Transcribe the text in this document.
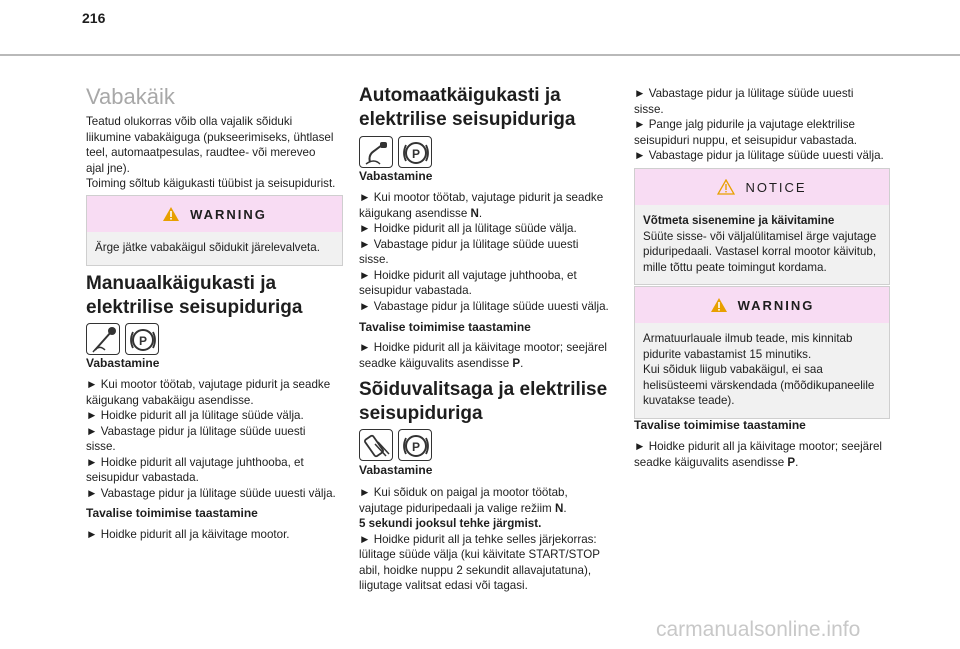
216
Vabakäik

Teatud olukorras võib olla vajalik sõiduki

liikumine vabakäiguga (pukseerimiseks, ühtlasel

teel, automaatpesulas, raudtee- või mereveo

ajal jne).

Toiming sõltub käigukasti tüübist ja seisupidurist.

WARNING
Ärge jätke vabakäigul sõidukit järelevalveta.

Manuaalkäigukasti ja

elektrilise seisupiduriga

P

Vabastamine

► Kui mootor töötab, vajutage pidurit ja seadke

käigukang vabakäigu asendisse.

► Hoidke pidurit all ja lülitage süüde välja.

► Vabastage pidur ja lülitage süüde uuesti

sisse.

► Hoidke pidurit all vajutage juhthooba, et

seisupidur vabastada.

► Vabastage pidur ja lülitage süüde uuesti välja.

Tavalise toimimise taastamine

► Hoidke pidurit all ja käivitage mootor.

Automaatkäigukasti ja

elektrilise seisupiduriga

P

Vabastamine

► Kui mootor töötab, vajutage pidurit ja seadke

käigukang asendisse N.

► Hoidke pidurit all ja lülitage süüde välja.

► Vabastage pidur ja lülitage süüde uuesti

sisse.

► Hoidke pidurit all vajutage juhthooba, et

seisupidur vabastada.

► Vabastage pidur ja lülitage süüde uuesti välja.

Tavalise toimimise taastamine

► Hoidke pidurit all ja käivitage mootor; seejärel

seadke käiguvalits asendisse P.

Sõiduvalitsaga ja elektrilise

seisupiduriga

P

Vabastamine

► Kui sõiduk on paigal ja mootor töötab,

vajutage piduripedaali ja valige režiim N.

5 sekundi jooksul tehke järgmist.

► Hoidke pidurit all ja tehke selles järjekorras:

lülitage süüde välja (kui käivitate START/STOP

abil, hoidke nuppu 2 sekundit allavajutatuna),

liigutage valitsat edasi või tagasi.

► Vabastage pidur ja lülitage süüde uuesti

sisse.

► Pange jalg pidurile ja vajutage elektrilise

seisupiduri nuppu, et seisupidur vabastada.

► Vabastage pidur ja lülitage süüde uuesti välja.

NOTICE
Võtmeta sisenemine ja käivitamine
Süüte sisse- või väljalülitamisel ärge vajutage
piduripedaali. Vastasel korral mootor käivitub,
mille tõttu peate toimingut kordama.
WARNING
Armatuurlauale ilmub teade, mis kinnitab
pidurite vabastamist 15 minutiks.
Kui sõiduk liigub vabakäigul, ei saa
helisüsteemi värskendada (mõõdikupaneelile
kuvatakse teade).

Tavalise toimimise taastamine

► Hoidke pidurit all ja käivitage mootor; seejärel

seadke käiguvalits asendisse P.

carmanualsonline.info
